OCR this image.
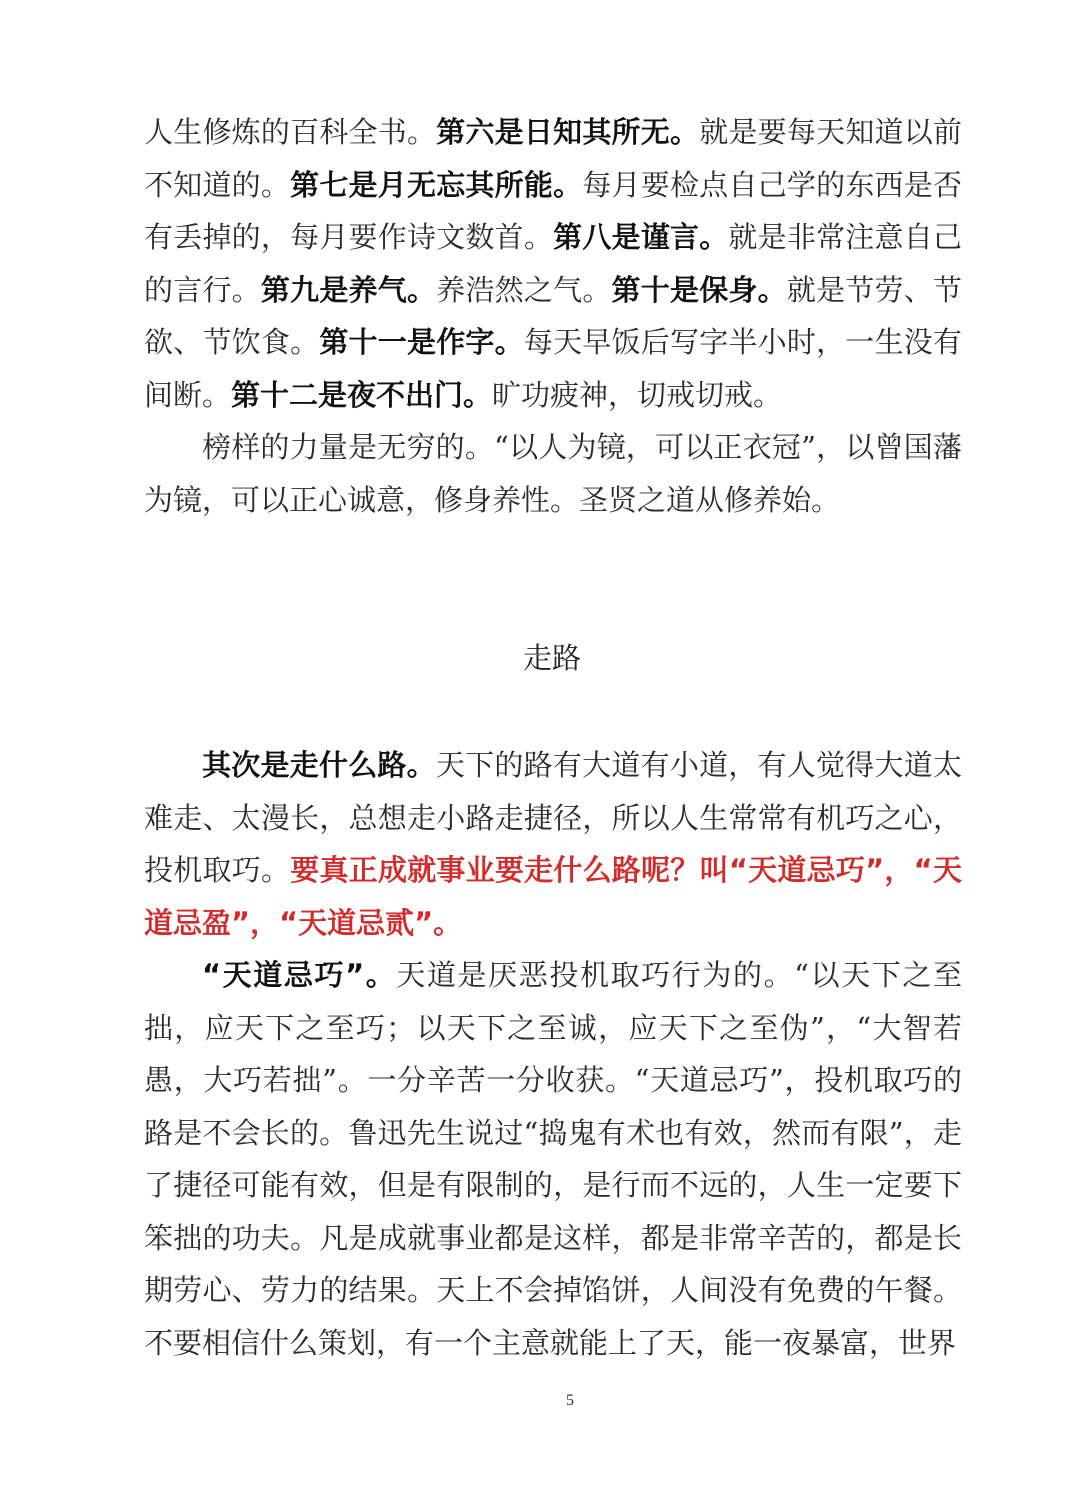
人生修炼的百科全书。第六是日知其所无。就是要每天知道以前不知道的。第七是月无忘其所能。每月要检点自己学的东西是否有丢掉的，每月要作诗文数首。第八是谨言。就是非常注意自己的言行。第九是养气。养浩然之气。第十是保身。就是节劳、节欲、节饮食。第十一是作字。每天早饭后写字半小时，一生没有间断。第十二是夜不出门。旷功疲神，切戒切戒。

榜样的力量是无穷的。“以人为镜，可以正衣冠”，以曾国藩为镜，可以正心诚意，修身养性。圣贤之道从修养始。

走路

其次是走什么路。天下的路有大道有小道，有人觉得大道太难走、太漫长，总想走小路走捷径，所以人生常常有机巧之心，投机取巧。要真正成就事业要走什么路呢？叫“天道忌巧”，“天道忌盈”，“天道忌贰”。

“天道忌巧”。天道是厌恶投机取巧行为的。“以天下之至拙，应天下之至巧；以天下之至诚，应天下之至伪”，“大智若愚，大巧若拙”。一分辛苦一分收获。“天道忌巧”，投机取巧的路是不会长的。鲁迅先生说过“捣鬼有术也有效，然而有限”，走了捷径可能有效，但是有限制的，是行而不远的，人生一定要下笨拙的功夫。凡是成就事业都是这样，都是非常辛苦的，都是长期劳心、劳力的结果。天上不会掉馅饼，人间没有免费的午餐。不要相信什么策划，有一个主意就能上了天，能一夜暴富，世界

5
